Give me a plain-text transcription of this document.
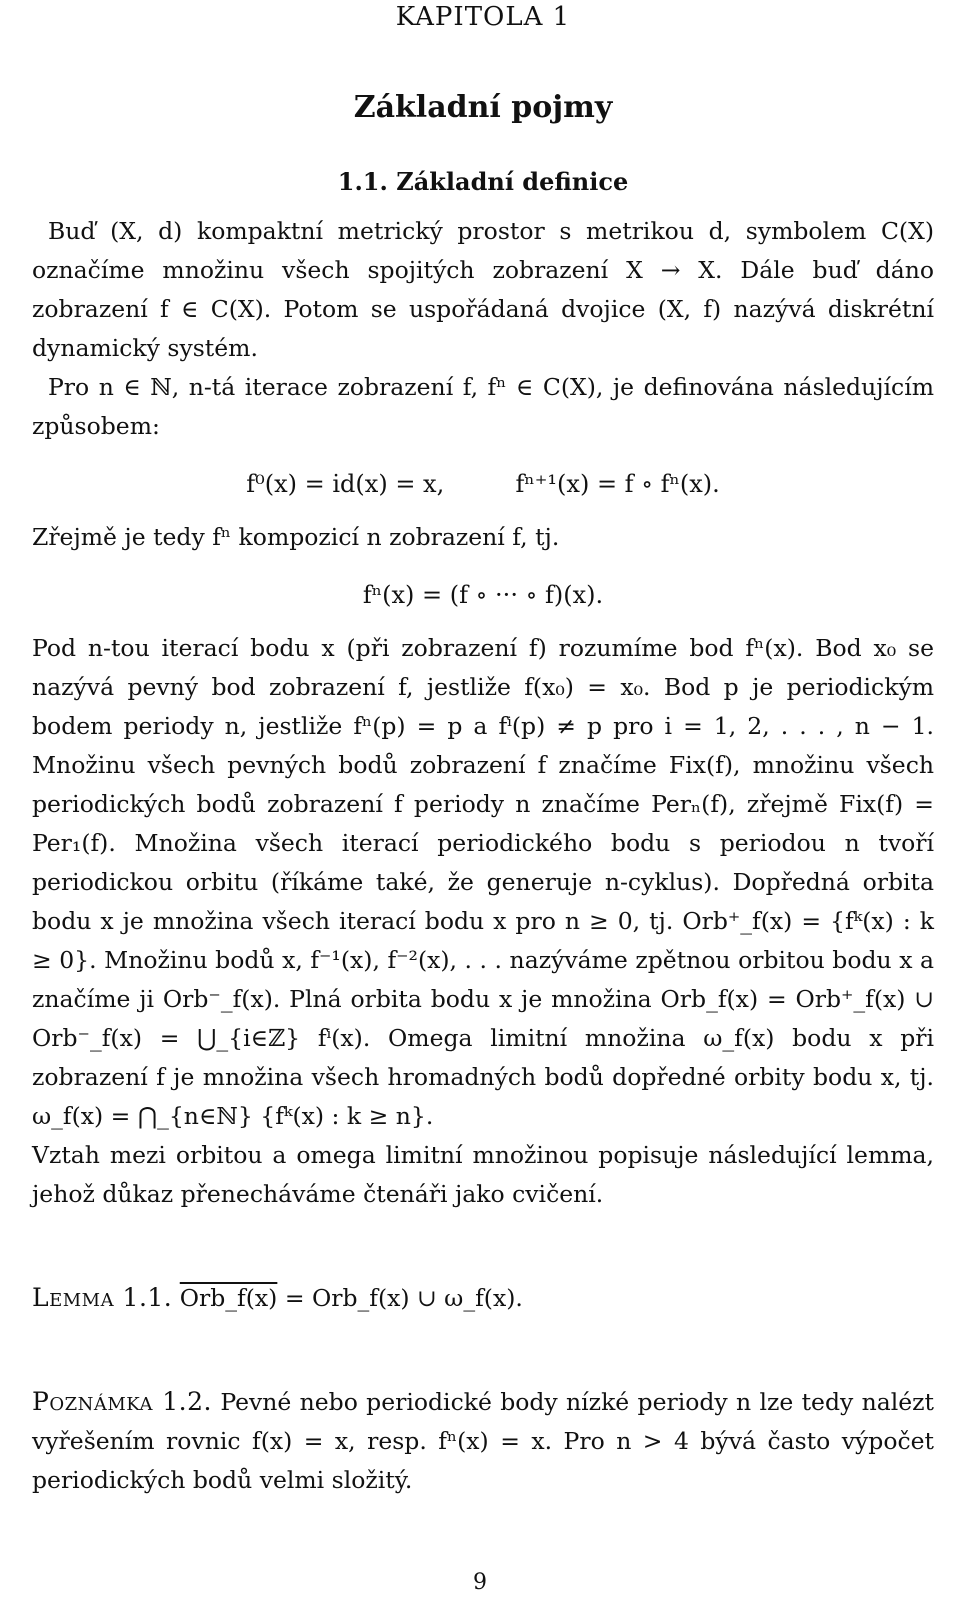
KAPITOLA 1
Základní pojmy
1.1. Základní definice

Buď (X, d) kompaktní metrický prostor s metrikou d, symbolem C(X) označíme množinu všech spojitých zobrazení X → X. Dále buď dáno zobrazení f ∈ C(X). Potom se uspořádaná dvojice (X, f) nazývá diskrétní dynamický systém.

Pro n ∈ ℕ, n-tá iterace zobrazení f, fⁿ ∈ C(X), je definována následujícím způsobem:

f⁰(x) = id(x) = x,	fⁿ⁺¹(x) = f ∘ fⁿ(x).

Zřejmě je tedy fⁿ kompozicí n zobrazení f, tj.

fⁿ(x) = (f ∘ ··· ∘ f)(x).

Pod n-tou iterací bodu x (při zobrazení f) rozumíme bod fⁿ(x). Bod x₀ se nazývá pevný bod zobrazení f, jestliže f(x₀) = x₀. Bod p je periodickým bodem periody n, jestliže fⁿ(p) = p a fⁱ(p) ≠ p pro i = 1, 2, . . . , n − 1. Množinu všech pevných bodů zobrazení f značíme Fix(f), množinu všech periodických bodů zobrazení f periody n značíme Perₙ(f), zřejmě Fix(f) = Per₁(f). Množina všech iterací periodického bodu s periodou n tvoří periodickou orbitu (říkáme také, že generuje n-cyklus). Dopředná orbita bodu x je množina všech iterací bodu x pro n ≥ 0, tj. Orb⁺_f(x) = {fᵏ(x) : k ≥ 0}. Množinu bodů x, f⁻¹(x), f⁻²(x), . . . nazýváme zpětnou orbitou bodu x a značíme ji Orb⁻_f(x). Plná orbita bodu x je množina Orb_f(x) = Orb⁺_f(x) ∪ Orb⁻_f(x) = ⋃_{i∈ℤ} fⁱ(x). Omega limitní množina ω_f(x) bodu x při zobrazení f je množina všech hromadných bodů dopředné orbity bodu x, tj. ω_f(x) = ⋂_{n∈ℕ} {fᵏ(x) : k ≥ n}.

Vztah mezi orbitou a omega limitní množinou popisuje následující lemma, jehož důkaz přenecháváme čtenáři jako cvičení.

Lemma 1.1. Orb_f(x) = Orb_f(x) ∪ ω_f(x).

Poznámka 1.2. Pevné nebo periodické body nízké periody n lze tedy nalézt vyřešením rovnic f(x) = x, resp. fⁿ(x) = x. Pro n > 4 bývá často výpočet periodických bodů velmi složitý.

9
